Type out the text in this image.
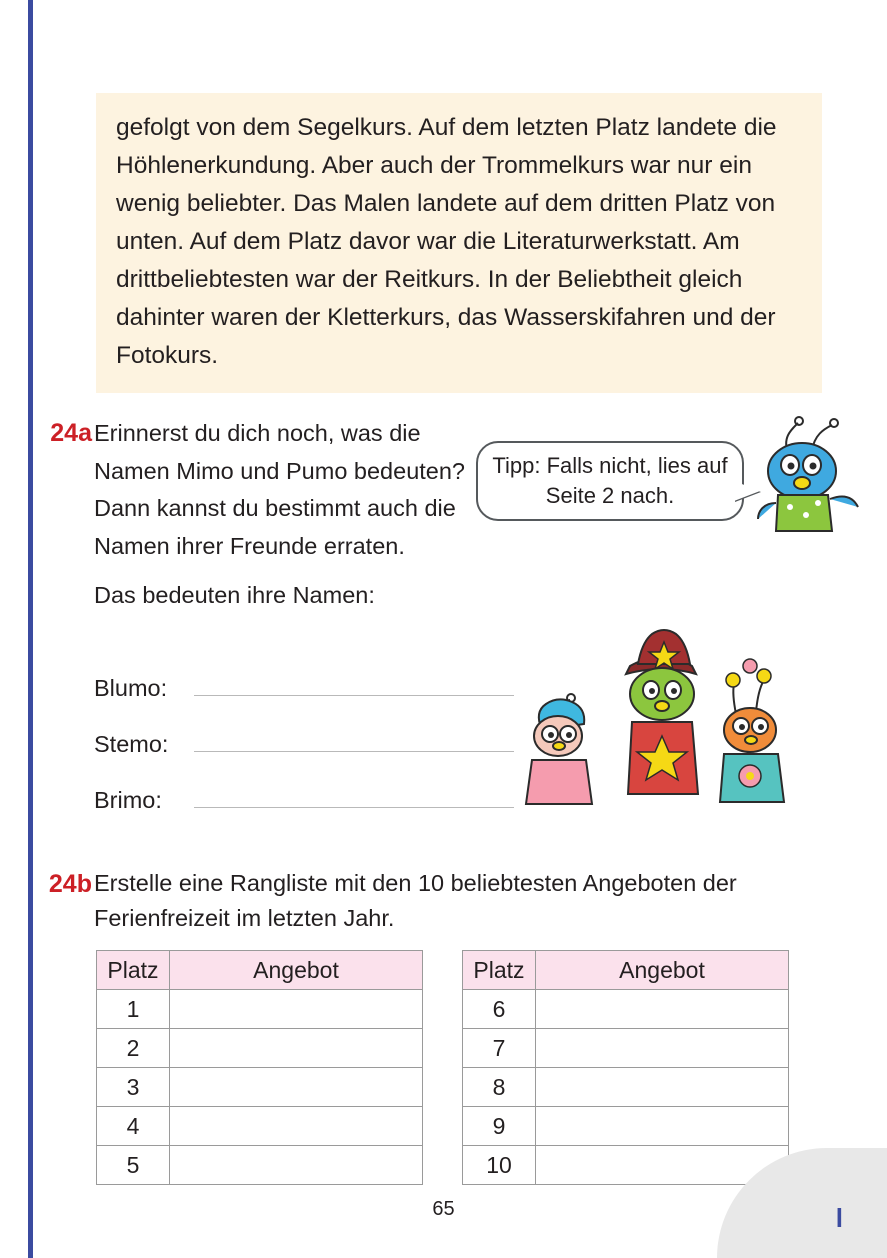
gefolgt von dem Segelkurs. Auf dem letzten Platz landete die Höhlenerkundung. Aber auch der Trommelkurs war nur ein wenig beliebter. Das Malen landete auf dem dritten Platz von unten. Auf dem Platz davor war die Literaturwerkstatt. Am drittbeliebtesten war der Reitkurs. In der Beliebtheit gleich dahinter waren der Kletterkurs, das Wasserskifahren und der Fotokurs.

24a Erinnerst du dich noch, was die Namen Mimo und Pumo bedeuten? Dann kannst du bestimmt auch die Namen ihrer Freunde erraten.

Das bedeuten ihre Namen:

Tipp: Falls nicht, lies auf Seite 2 nach.
Blumo:
Stemo:
Brimo:
24b Erstelle eine Rangliste mit den 10 beliebtesten Angeboten der Ferienfreizeit im letzten Jahr.

Platz	Angebot
1	
2	
3	
4	
5	
Platz	Angebot
6	
7	
8	
9	
10	
65	l
